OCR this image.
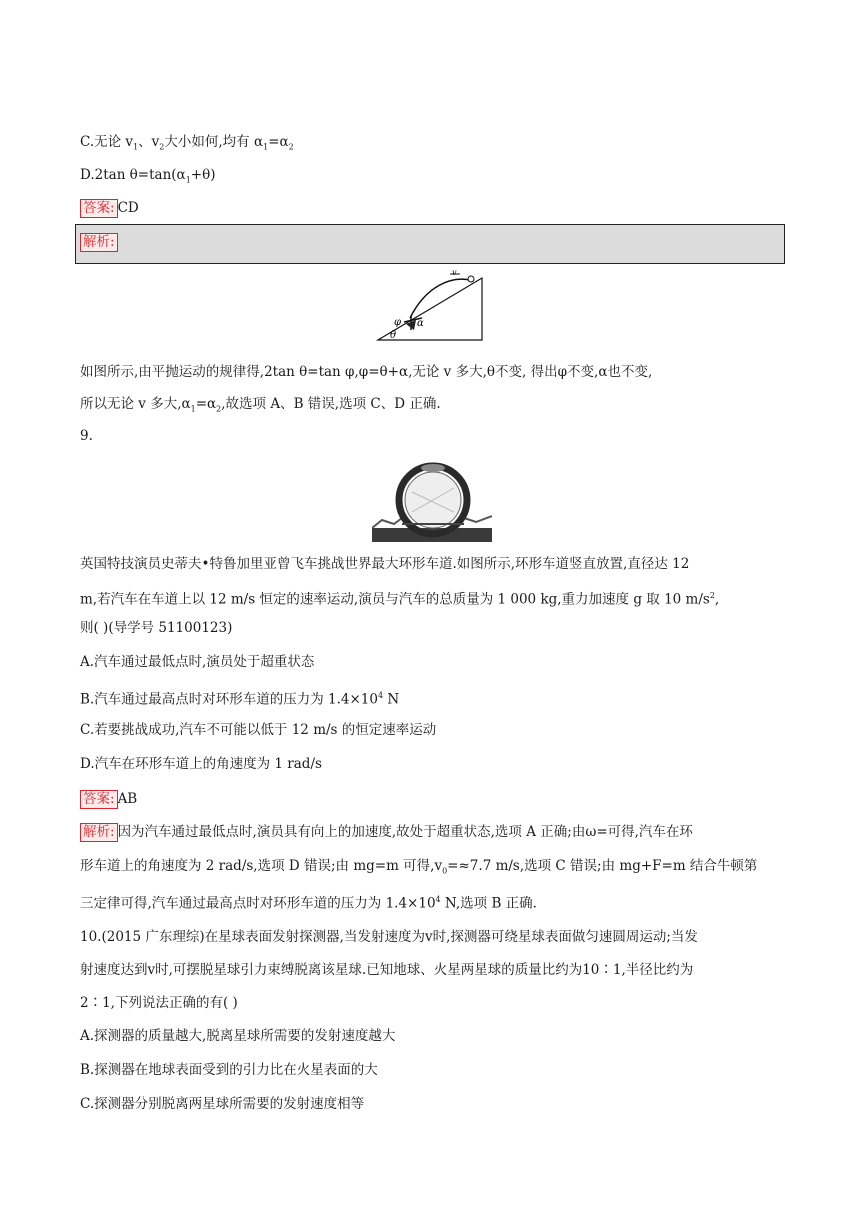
C.无论 $v_1$、$v_2$大小如何,均有 $\alpha_1=\alpha_2$
D.2tan $\theta=\tan(\alpha_1+\theta)$
答案: CD
解析:
v
φ α
θ
如图所示,由平抛运动的规律得,2tan θ=tan φ,φ=θ+α,无论 v 多大,θ不变, 得出φ不变,α也不变,
所以无论 v 多大$,\alpha_1=\alpha_2$,故选项 A、B 错误,选项 C、D 正确.
9.
英国特技演员史蒂夫•特鲁加里亚曾飞车挑战世界最大环形车道.如图所示,环形车道竖直放置,直径达 12
m,若汽车在车道上以 12 m/s 恒定的速率运动,演员与汽车的总质量为 1 000 kg,重力加速度 g 取 10 $m/s^2$,
则( )(导学号 51100123)
A.汽车通过最低点时,演员处于超重状态
B.汽车通过最高点时对环形车道的压力为 $1.4\times 10^4$ N
C.若要挑战成功,汽车不可能以低于 12 m/s 的恒定速率运动
D.汽车在环形车道上的角速度为 1 rad/s
答案: AB
解析: 因为汽车通过最低点时,演员具有向上的加速度,故处于超重状态,选项 A 正确;由ω=可得,汽车在环
形车道上的角速度为 2 rad/s,选项 D 错误;由 mg=m 可得$,v_0=\approx 7.7$ m/s,选项 C 错误;由 mg+F=m 结合牛顿第
三定律可得,汽车通过最高点时对环形车道的压力为 $1.4\times 10^4$ N,选项 B 正确.
10.(2015 广东理综)在星球表面发射探测器,当发射速度为v时,探测器可绕星球表面做匀速圆周运动;当发
射速度达到v时,可摆脱星球引力束缚脱离该星球.已知地球、火星两星球的质量比约为10∶1,半径比约为
2∶1,下列说法正确的有( )
A.探测器的质量越大,脱离星球所需要的发射速度越大
B.探测器在地球表面受到的引力比在火星表面的大
C.探测器分别脱离两星球所需要的发射速度相等
